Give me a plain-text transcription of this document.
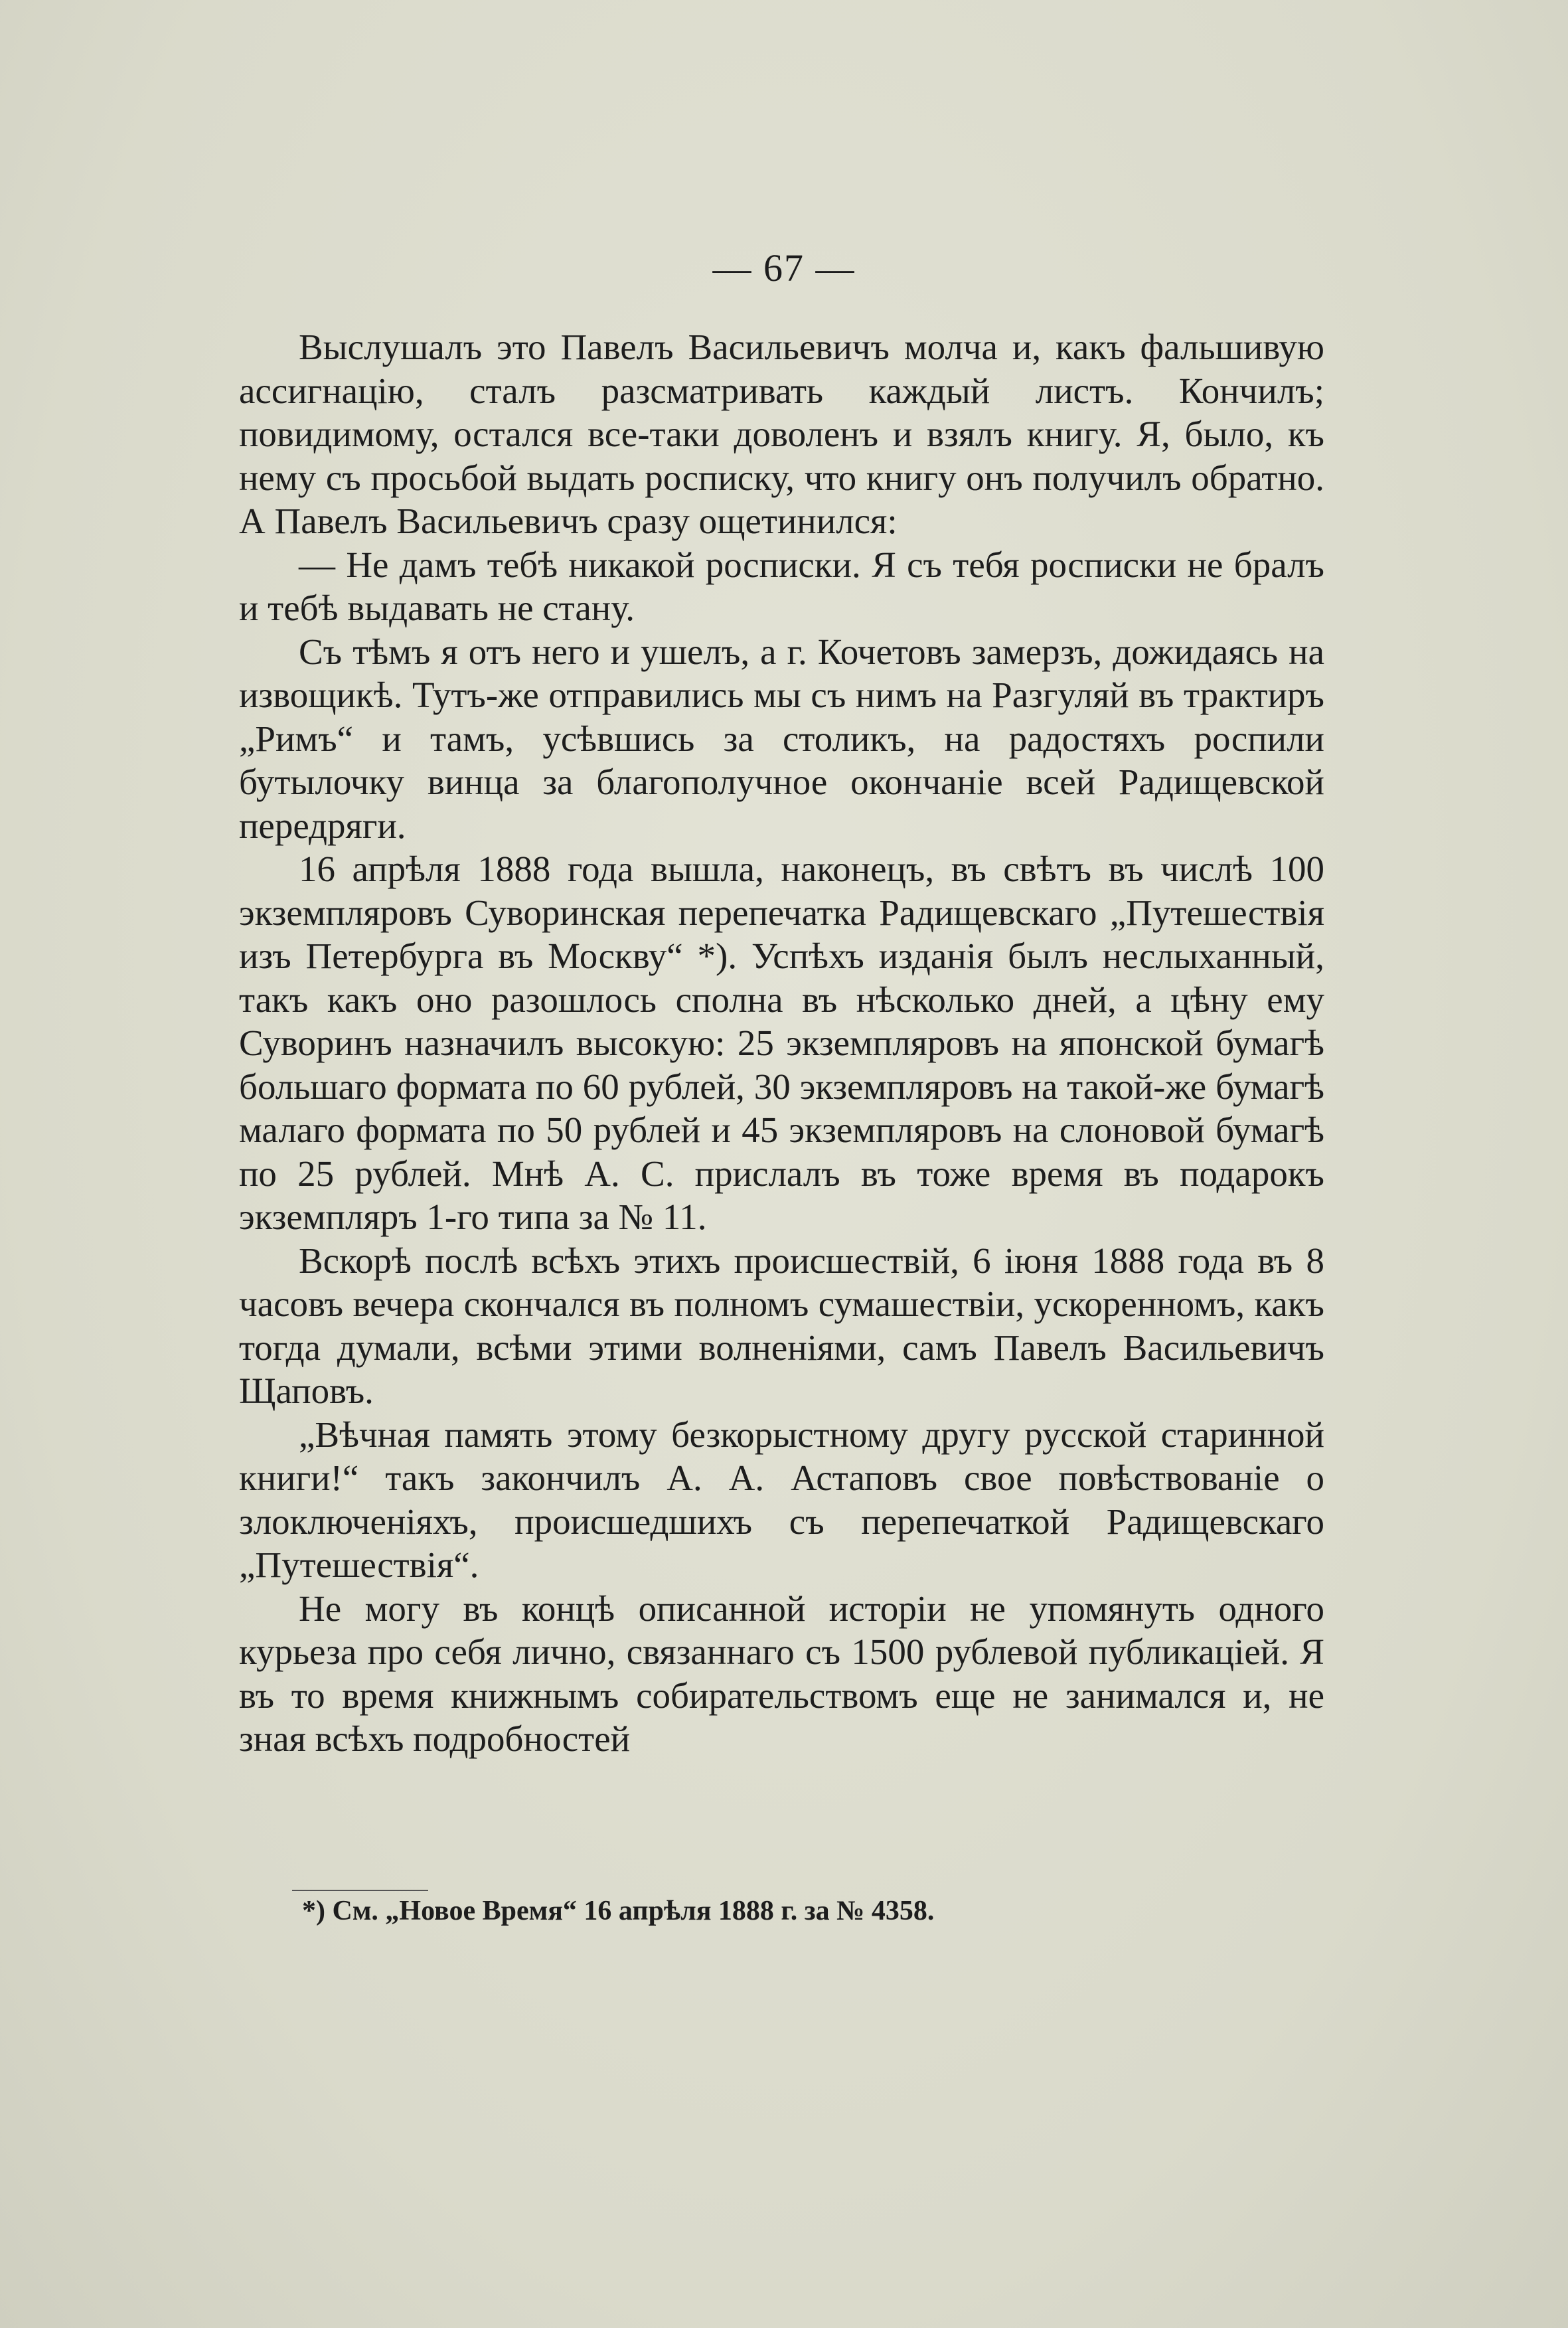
— 67 —

Выслушалъ это Павелъ Васильевичъ молча и, какъ фальшивую ассигнацію, сталъ разсматривать каждый листъ. Кончилъ; повидимому, остался все-таки доволенъ и взялъ книгу. Я, было, къ нему съ просьбой выдать росписку, что книгу онъ получилъ обратно. А Павелъ Васильевичъ сразу ощетинился:

— Не дамъ тебѣ никакой росписки. Я съ тебя росписки не бралъ и тебѣ выдавать не стану.

Съ тѣмъ я отъ него и ушелъ, а г. Кочетовъ замерзъ, дожидаясь на извощикѣ. Тутъ-же отправились мы съ нимъ на Разгуляй въ трактиръ „Римъ“ и тамъ, усѣвшись за столикъ, на радостяхъ роспили бутылочку винца за благополучное окончаніе всей Радищевской передряги.

16 апрѣля 1888 года вышла, наконецъ, въ свѣтъ въ числѣ 100 экземпляровъ Суворинская перепечатка Радищевскаго „Путешествія изъ Петербурга въ Москву“ *). Успѣхъ изданія былъ неслыханный, такъ какъ оно разошлось сполна въ нѣсколько дней, а цѣну ему Суворинъ назначилъ высокую: 25 экземпляровъ на японской бумагѣ большаго формата по 60 рублей, 30 экземпляровъ на такой-же бумагѣ малаго формата по 50 рублей и 45 экземпляровъ на слоновой бумагѣ по 25 рублей. Мнѣ А. С. прислалъ въ тоже время въ подарокъ экземпляръ 1-го типа за № 11.

Вскорѣ послѣ всѣхъ этихъ происшествій, 6 іюня 1888 года въ 8 часовъ вечера скончался въ полномъ сумашествіи, ускоренномъ, какъ тогда думали, всѣми этими волненіями, самъ Павелъ Васильевичъ Щаповъ.

„Вѣчная память этому безкорыстному другу русской старинной книги!“ такъ закончилъ А. А. Астаповъ свое повѣствованіе о злоключеніяхъ, происшедшихъ съ перепечаткой Радищевскаго „Путешествія“.

Не могу въ концѣ описанной исторіи не упомянуть одного курьеза про себя лично, связаннаго съ 1500 рублевой публикаціей. Я въ то время книжнымъ собирательствомъ еще не занимался и, не зная всѣхъ подробностей

*) См. „Новое Время“ 16 апрѣля 1888 г. за № 4358.
